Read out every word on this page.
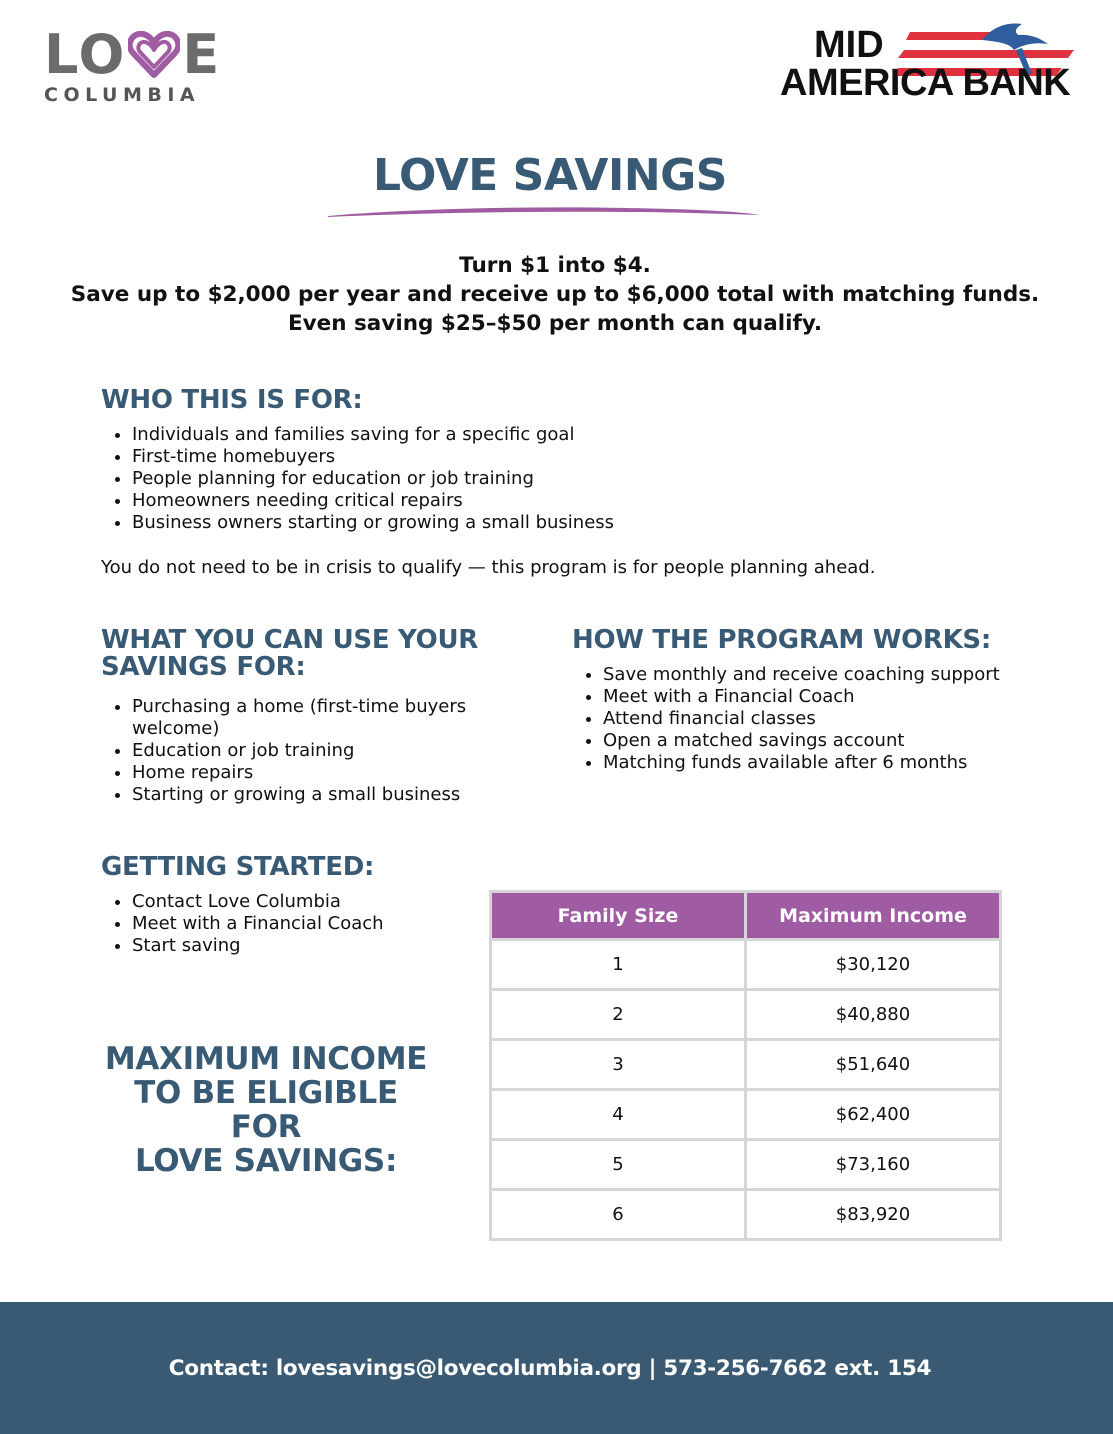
LO E
COLUMBIA
MID
AMERICA BANK
LOVE SAVINGS
Turn $1 into $4.
Save up to $2,000 per year and receive up to $6,000 total with matching funds.
Even saving $25–$50 per month can qualify.
WHO THIS IS FOR:
• Individuals and families saving for a specific goal
• First-time homebuyers
• People planning for education or job training
• Homeowners needing critical repairs
• Business owners starting or growing a small business
You do not need to be in crisis to qualify — this program is for people planning ahead.
WHAT YOU CAN USE YOUR
SAVINGS FOR:
• Purchasing a home (first-time buyers welcome)
• Education or job training
• Home repairs
• Starting or growing a small business
HOW THE PROGRAM WORKS:
• Save monthly and receive coaching support
• Meet with a Financial Coach
• Attend financial classes
• Open a matched savings account
• Matching funds available after 6 months
GETTING STARTED:
• Contact Love Columbia
• Meet with a Financial Coach
• Start saving
MAXIMUM INCOME
TO BE ELIGIBLE FOR
LOVE SAVINGS:
Family Size	Maximum Income
1	$30,120
2	$40,880
3	$51,640
4	$62,400
5	$73,160
6	$83,920
Contact: lovesavings@lovecolumbia.org | 573-256-7662 ext. 154
